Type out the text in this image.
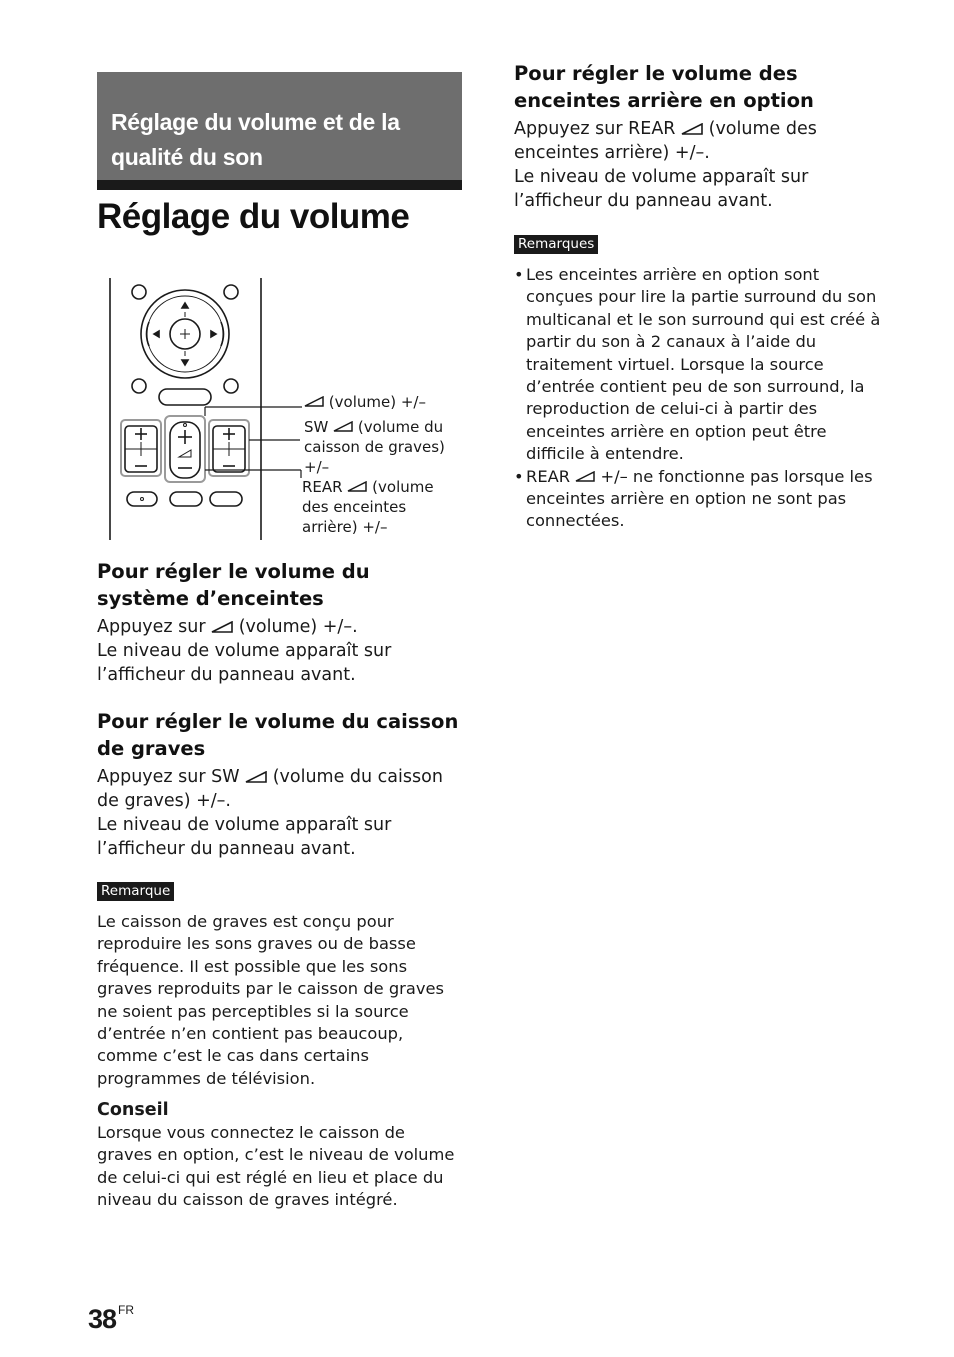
Réglage du volume et de la qualité du son
Réglage du volume
(volume) +/–
SW (volume du
caisson de graves)
+/–
REAR (volume
des enceintes
arrière) +/–
Pour régler le volume du système d’enceintes

Appuyez sur (volume) +/–.
Le niveau de volume apparaît sur l’afficheur du panneau avant.

Pour régler le volume du caisson de graves

Appuyez sur SW (volume du caisson de graves) +/–.
Le niveau de volume apparaît sur l’afficheur du panneau avant.

Remarque

Le caisson de graves est conçu pour reproduire les sons graves ou de basse fréquence. Il est possible que les sons graves reproduits par le caisson de graves ne soient pas perceptibles si la source d’entrée n’en contient pas beaucoup, comme c’est le cas dans certains programmes de télévision.

Conseil

Lorsque vous connectez le caisson de graves en option, c’est le niveau de volume de celui-ci qui est réglé en lieu et place du niveau du caisson de graves intégré.

Pour régler le volume des enceintes arrière en option

Appuyez sur REAR (volume des enceintes arrière) +/–.
Le niveau de volume apparaît sur l’afficheur du panneau avant.

Remarques
• Les enceintes arrière en option sont conçues pour lire la partie surround du son multicanal et le son surround qui est créé à partir du son à 2 canaux à l’aide du traitement virtuel. Lorsque la source d’entrée contient peu de son surround, la reproduction de celui-ci à partir des enceintes arrière en option peut être difficile à entendre.
• REAR +/– ne fonctionne pas lorsque les enceintes arrière en option ne sont pas connectées.
38 $^{FR}$
